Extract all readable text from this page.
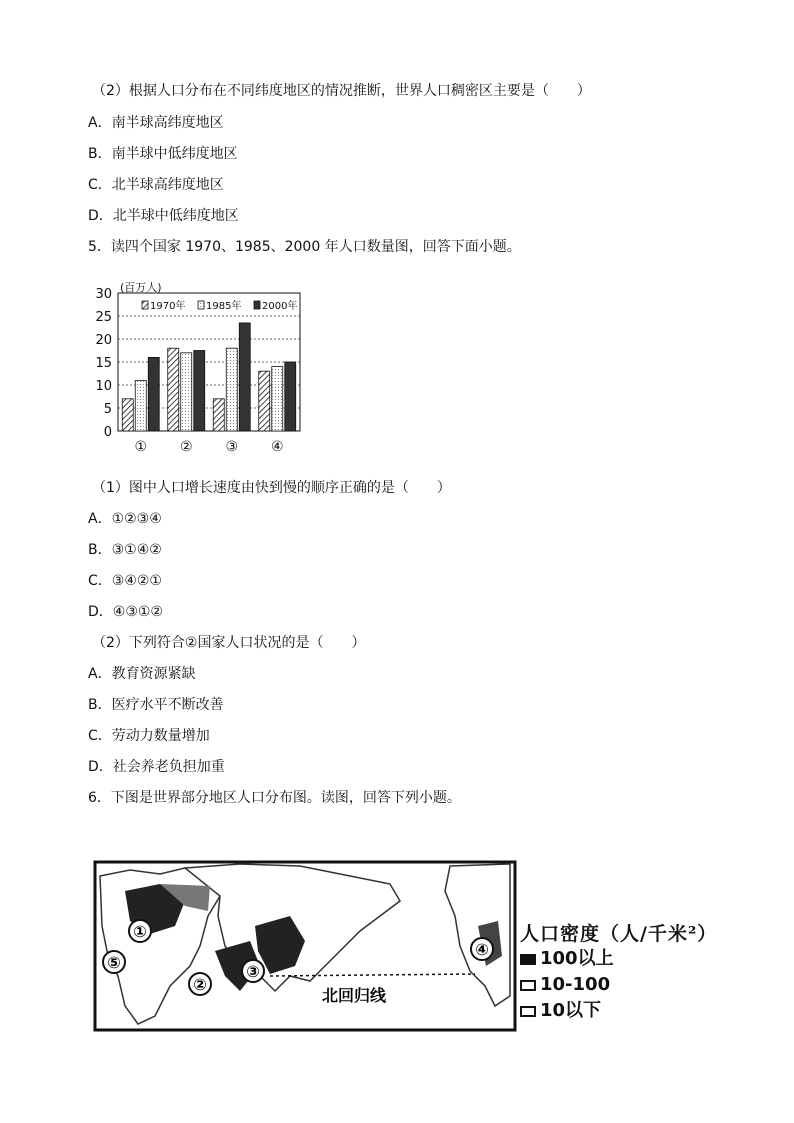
（2）根据人口分布在不同纬度地区的情况推断，世界人口稠密区主要是（　　）
A．南半球高纬度地区
B．南半球中低纬度地区
C．北半球高纬度地区
D．北半球中低纬度地区
5．读四个国家 1970、1985、2000 年人口数量图，回答下面小题。
0
5
10
15
20
25
30 (百万人)
1970年 1985年 2000年
① ② ③ ④
（1）图中人口增长速度由快到慢的顺序正确的是（　　）
A．①②③④
B．③①④②
C．③④②①
D．④③①②
（2）下列符合②国家人口状况的是（　　）
A．教育资源紧缺
B．医疗水平不断改善
C．劳动力数量增加
D．社会养老负担加重
6．下图是世界部分地区人口分布图。读图，回答下列小题。
北回归线
①
②
③
④
⑤
人口密度（人/千米²）
100以上
10-100
10以下
